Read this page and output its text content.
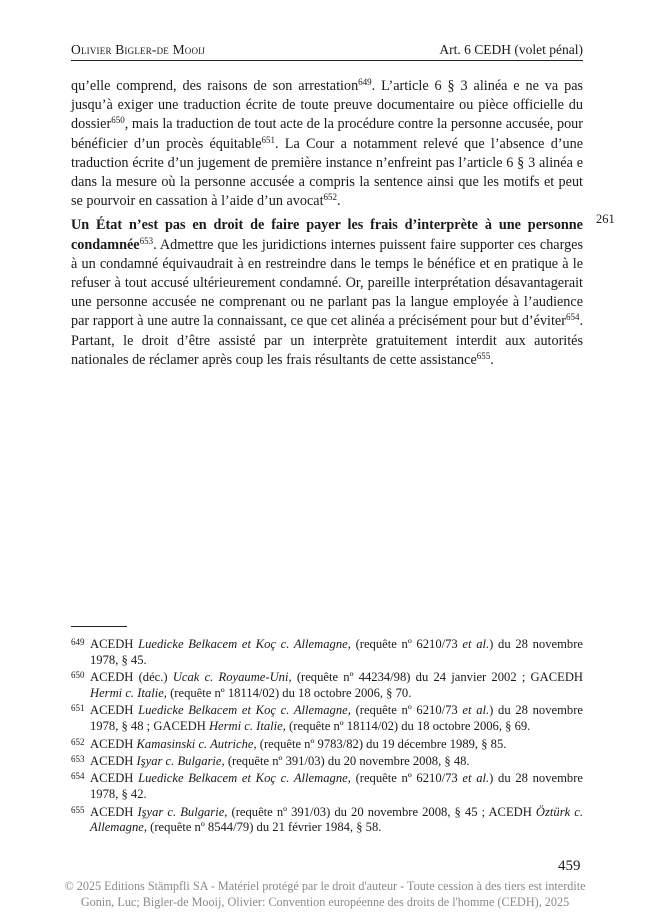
Olivier Bigler-de Mooij	Art. 6 CEDH (volet pénal)

qu’elle comprend, des raisons de son arrestation$^{649}$. L’article 6 § 3 alinéa e ne va pas jusqu’à exiger une traduction écrite de toute preuve documentaire ou pièce officielle du dossier$^{650}$, mais la traduction de tout acte de la procédure contre la personne accusée, pour bénéficier d’un procès équitable$^{651}$. La Cour a notamment relevé que l’absence d’une traduction écrite d’un jugement de première instance n’enfreint pas l’article 6 § 3 alinéa e dans la mesure où la personne accusée a compris la sentence ainsi que les motifs et peut se pourvoir en cassation à l’aide d’un avocat$^{652}$.

Un État n’est pas en droit de faire payer les frais d’interprète à une personne condamnée$^{653}$. Admettre que les juridictions internes puissent faire supporter ces charges à un condamné équivaudrait à en restreindre dans le temps le bénéfice et en pratique à le refuser à tout accusé ultérieurement condamné. Or, pareille interprétation désavantagerait une personne accusée ne comprenant ou ne parlant pas la langue employée à l’audience par rapport à une autre la connaissant, ce que cet alinéa a précisément pour but d’éviter$^{654}$. Partant, le droit d’être assisté par un interprète gratuitement interdit aux autorités nationales de réclamer après coup les frais résultants de cette assistance$^{655}$.

261
649 ACEDH Luedicke Belkacem et Koç c. Allemagne, (requête nº 6210/73 et al.) du 28 novembre 1978, § 45.
650 ACEDH (déc.) Ucak c. Royaume-Uni, (requête nº 44234/98) du 24 janvier 2002 ; GACEDH Hermi c. Italie, (requête nº 18114/02) du 18 octobre 2006, § 70.
651 ACEDH Luedicke Belkacem et Koç c. Allemagne, (requête nº 6210/73 et al.) du 28 novembre 1978, § 48 ; GACEDH Hermi c. Italie, (requête nº 18114/02) du 18 octobre 2006, § 69.
652 ACEDH Kamasinski c. Autriche, (requête nº 9783/82) du 19 décembre 1989, § 85.
653 ACEDH Işyar c. Bulgarie, (requête nº 391/03) du 20 novembre 2008, § 48.
654 ACEDH Luedicke Belkacem et Koç c. Allemagne, (requête nº 6210/73 et al.) du 28 novembre 1978, § 42.
655 ACEDH Işyar c. Bulgarie, (requête nº 391/03) du 20 novembre 2008, § 45 ; ACEDH Öztürk c. Allemagne, (requête nº 8544/79) du 21 février 1984, § 58.
459
© 2025 Editions Stämpfli SA - Matériel protégé par le droit d'auteur - Toute cession à des tiers est interdite
Gonin, Luc; Bigler-de Mooij, Olivier: Convention européenne des droits de l'homme (CEDH), 2025
